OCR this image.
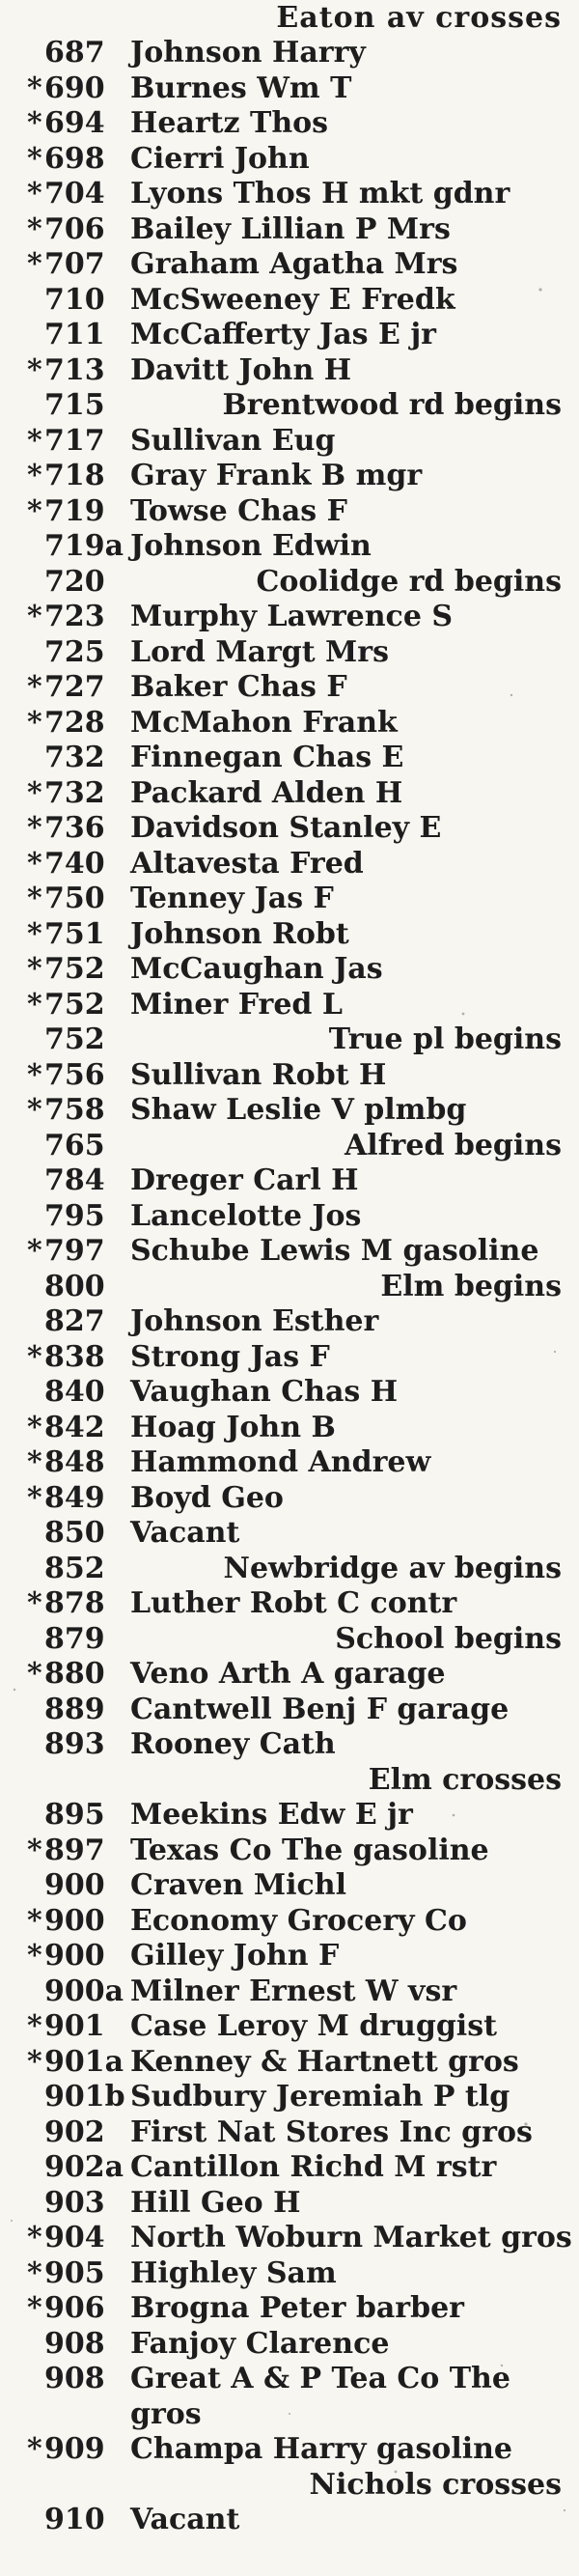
Eaton av crosses
687 Johnson Harry
* 690 Burnes Wm T
* 694 Heartz Thos
* 698 Cierri John
* 704 Lyons Thos H mkt gdnr
* 706 Bailey Lillian P Mrs
* 707 Graham Agatha Mrs
710 McSweeney E Fredk
711 McCafferty Jas E jr
* 713 Davitt John H
715	Brentwood rd begins
* 717 Sullivan Eug
* 718 Gray Frank B mgr
* 719 Towse Chas F
719a Johnson Edwin
720	Coolidge rd begins
* 723 Murphy Lawrence S
725 Lord Margt Mrs
* 727 Baker Chas F
* 728 McMahon Frank
732 Finnegan Chas E
* 732 Packard Alden H
* 736 Davidson Stanley E
* 740 Altavesta Fred
* 750 Tenney Jas F
* 751 Johnson Robt
* 752 McCaughan Jas
* 752 Miner Fred L
752	True pl begins
* 756 Sullivan Robt H
* 758 Shaw Leslie V plmbg
765	Alfred begins
784 Dreger Carl H
795 Lancelotte Jos
* 797 Schube Lewis M gasoline
800	Elm begins
827 Johnson Esther
* 838 Strong Jas F
840 Vaughan Chas H
* 842 Hoag John B
* 848 Hammond Andrew
* 849 Boyd Geo
850 Vacant
852	Newbridge av begins
* 878 Luther Robt C contr
879	School begins
* 880 Veno Arth A garage
889 Cantwell Benj F garage
893 Rooney Cath
Elm crosses
895 Meekins Edw E jr
* 897 Texas Co The gasoline
900 Craven Michl
* 900 Economy Grocery Co
* 900 Gilley John F
900a Milner Ernest W vsr
* 901 Case Leroy M druggist
* 901a Kenney & Hartnett gros
901b Sudbury Jeremiah P tlg
902 First Nat Stores Inc gros
902a Cantillon Richd M rstr
903 Hill Geo H
* 904 North Woburn Market gros
* 905 Highley Sam
* 906 Brogna Peter barber
908 Fanjoy Clarence
908 Great A & P Tea Co The
gros
* 909 Champa Harry gasoline
Nichols crosses
910 Vacant
